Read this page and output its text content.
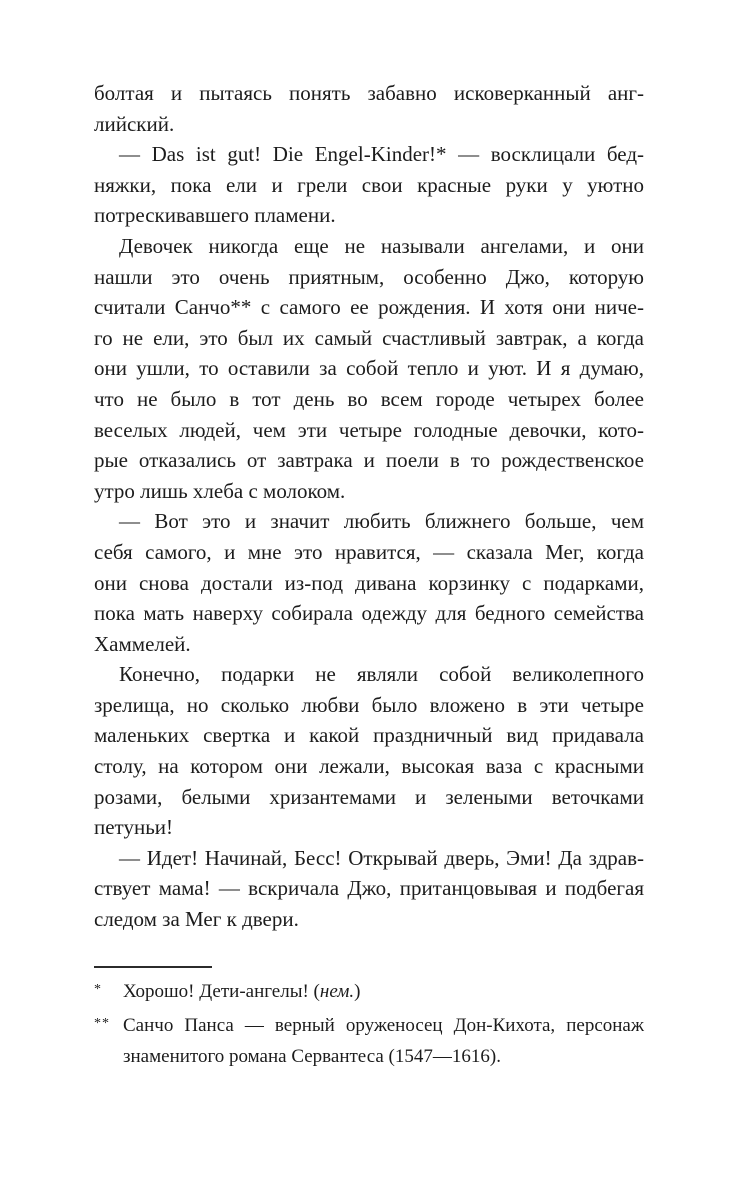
болтая и пытаясь понять забавно исковерканный анг-
лийский.
— Das ist gut! Die Engel-Kinder!* — восклицали бед-
няжки, пока ели и грели свои красные руки у уютно
потрескивавшего пламени.
Девочек никогда еще не называли ангелами, и они
нашли это очень приятным, особенно Джо, которую
считали Санчо** с самого ее рождения. И хотя они ниче-
го не ели, это был их самый счастливый завтрак, а когда
они ушли, то оставили за собой тепло и уют. И я думаю,
что не было в тот день во всем городе четырех более
веселых людей, чем эти четыре голодные девочки, кото-
рые отказались от завтрака и поели в то рождественское
утро лишь хлеба с молоком.
— Вот это и значит любить ближнего больше, чем
себя самого, и мне это нравится, — сказала Мег, когда
они снова достали из-под дивана корзинку с подарками,
пока мать наверху собирала одежду для бедного семейства
Хаммелей.
Конечно, подарки не являли собой великолепного
зрелища, но сколько любви было вложено в эти четыре
маленьких свертка и какой праздничный вид придавала
столу, на котором они лежали, высокая ваза с красными
розами, белыми хризантемами и зелеными веточками
петуньи!
— Идет! Начинай, Бесс! Открывай дверь, Эми! Да здрав-
ствует мама! — вскричала Джо, пританцовывая и подбегая
следом за Мег к двери.
* Хорошо! Дети-ангелы! (нем.)
** Санчо Панса — верный оруженосец Дон-Кихота, персонаж
знаменитого романа Сервантеса (1547—1616).
